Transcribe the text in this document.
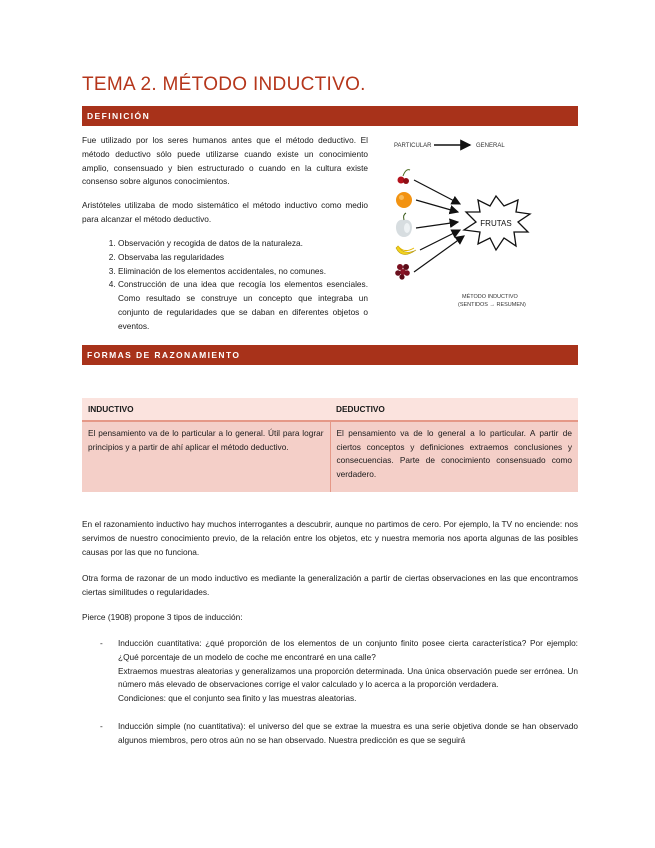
TEMA 2. MÉTODO INDUCTIVO.
DEFINICIÓN
Fue utilizado por los seres humanos antes que el método deductivo. El método deductivo sólo puede utilizarse cuando existe un conocimiento amplio, consensuado y bien estructurado o cuando en la cultura existe consenso sobre algunos conocimientos.
Aristóteles utilizaba de modo sistemático el método inductivo como medio para alcanzar el método deductivo.
1. Observación y recogida de datos de la naturaleza.
2. Observaba las regularidades
3. Eliminación de los elementos accidentales, no comunes.
4. Construcción de una idea que recogía los elementos esenciales. Como resultado se construye un concepto que integraba un conjunto de regularidades que se daban en diferentes objetos o eventos.
PARTICULAR	GENERAL
FRUTAS
MÉTODO INDUCTIVO
(SENTIDOS → RESUMEN)
FORMAS DE RAZONAMIENTO
INDUCTIVO	DEDUCTIVO
El pensamiento va de lo particular a lo general. Útil para lograr principios y a partir de ahí aplicar el método deductivo.	El pensamiento va de lo general a lo particular. A partir de ciertos conceptos y definiciones extraemos conclusiones y consecuencias. Parte de conocimiento consensuado como verdadero.
En el razonamiento inductivo hay muchos interrogantes a descubrir, aunque no partimos de cero. Por ejemplo, la TV no enciende: nos servimos de nuestro conocimiento previo, de la relación entre los objetos, etc y nuestra memoria nos aporta algunas de las posibles causas por las que no funciona.
Otra forma de razonar de un modo inductivo es mediante la generalización a partir de ciertas observaciones en las que encontramos ciertas similitudes o regularidades.
Pierce (1908) propone 3 tipos de inducción:
- Inducción cuantitativa: ¿qué proporción de los elementos de un conjunto finito posee cierta característica? Por ejemplo: ¿Qué porcentaje de un modelo de coche me encontraré en una calle?
Extraemos muestras aleatorias y generalizamos una proporción determinada. Una única observación puede ser errónea. Un número más elevado de observaciones corrige el valor calculado y lo acerca a la proporción verdadera.
Condiciones: que el conjunto sea finito y las muestras aleatorias.
- Inducción simple (no cuantitativa): el universo del que se extrae la muestra es una serie objetiva donde se han observado algunos miembros, pero otros aún no se han observado. Nuestra predicción es que se seguirá
